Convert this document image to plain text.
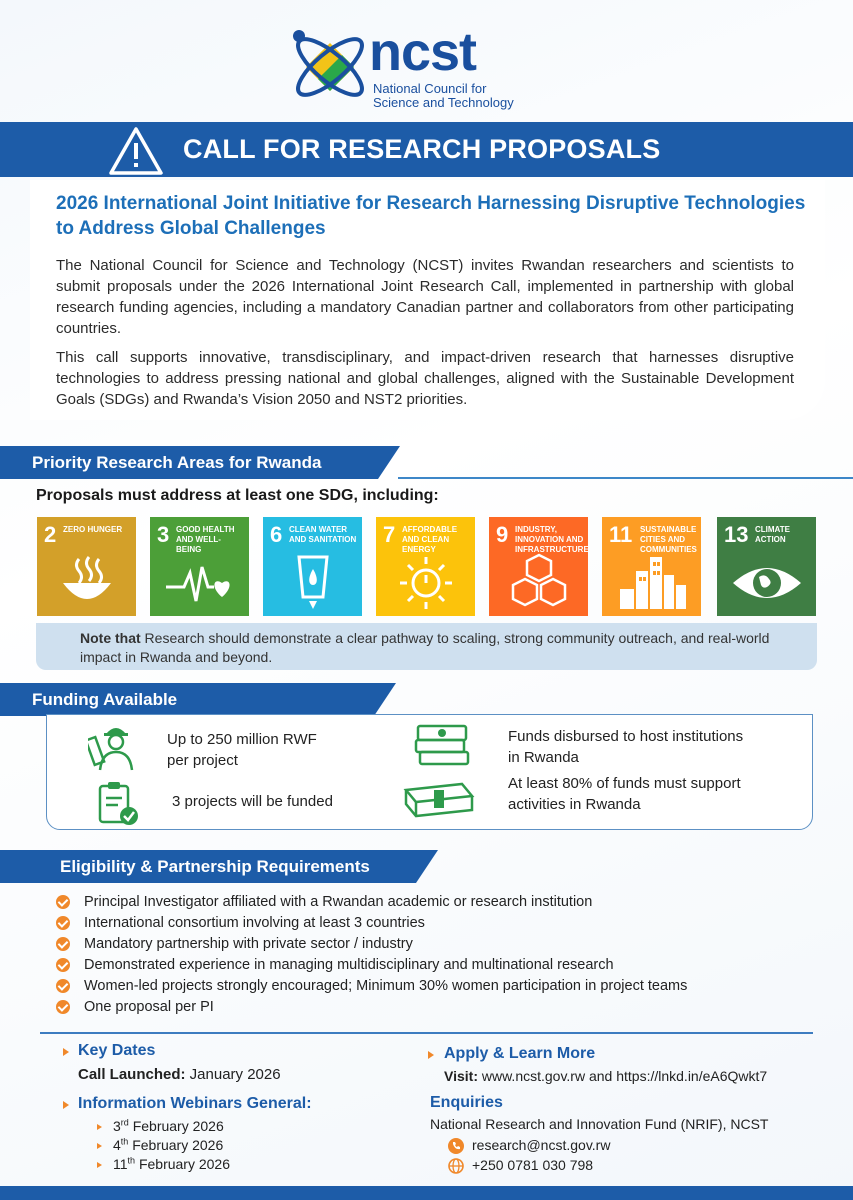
ncst
National Council for
Science and Technology
CALL FOR RESEARCH PROPOSALS
2026 International Joint Initiative for Research Harnessing Disruptive Technologies to Address Global Challenges
The National Council for Science and Technology (NCST) invites Rwandan researchers and scientists to submit proposals under the 2026 International Joint Research Call, implemented in partnership with global research funding agencies, including a mandatory Canadian partner and collaborators from other participating countries.
This call supports innovative, transdisciplinary, and impact-driven research that harnesses disruptive technologies to address pressing national and global challenges, aligned with the Sustainable Development Goals (SDGs) and Rwanda’s Vision 2050 and NST2 priorities.
Priority Research Areas for Rwanda
Proposals must address at least one SDG, including:
2 ZERO HUNGER	3 GOOD HEALTH AND WELL-BEING
6 CLEAN WATER AND SANITATION 7 AFFORDABLE AND CLEAN ENERGY
9 INDUSTRY, INNOVATION AND INFRASTRUCTURE
11 SUSTAINABLE CITIES AND COMMUNITIES
13 CLIMATE ACTION
Note that Research should demonstrate a clear pathway to scaling, strong community outreach, and real-world impact in Rwanda and beyond.
Funding Available
Up to 250 million RWF
per project
3 projects will be funded
Funds disbursed to host institutions
in Rwanda
At least 80% of funds must support
activities in Rwanda
Eligibility & Partnership Requirements
Principal Investigator affiliated with a Rwandan academic or research institution
International consortium involving at least 3 countries
Mandatory partnership with private sector / industry
Demonstrated experience in managing multidisciplinary and multinational research
Women-led projects strongly encouraged; Minimum 30% women participation in project teams
One proposal per PI
Key Dates
Call Launched: January 2026
Information Webinars General:
3rd February 2026
4th February 2026
11th February 2026
Apply & Learn More
Visit: www.ncst.gov.rw and https://lnkd.in/eA6Qwkt7
Enquiries
National Research and Innovation Fund (NRIF), NCST
research@ncst.gov.rw
+250 0781 030 798
